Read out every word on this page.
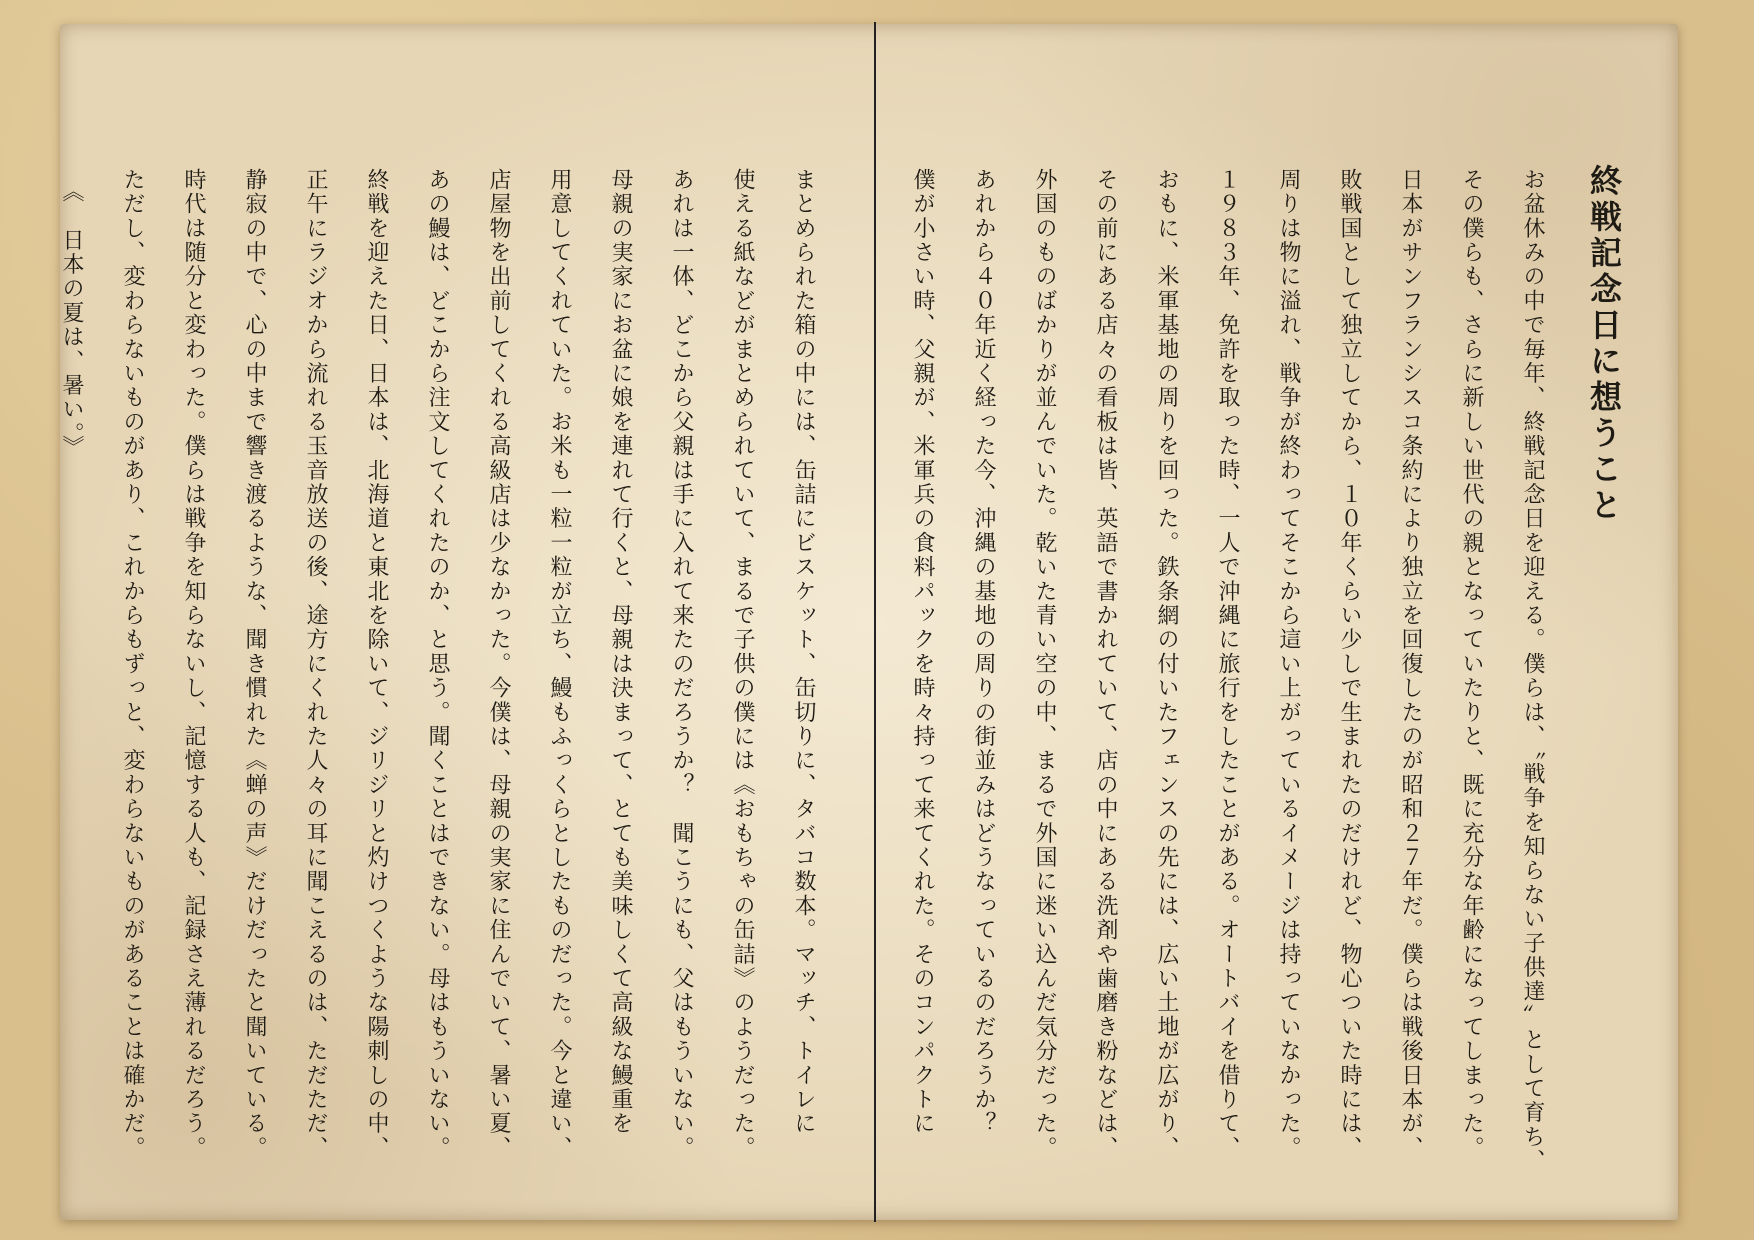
終戦記念日に想うこと
お盆休みの中で毎年、終戦記念日を迎える。僕らは、〝戦争を知らない子供達〟として育ち、
その僕らも、さらに新しい世代の親となっていたりと、既に充分な年齢になってしまった。
日本がサンフランシスコ条約により独立を回復したのが昭和２７年だ。僕らは戦後日本が、
敗戦国として独立してから、１０年くらい少しで生まれたのだけれど、物心ついた時には、
周りは物に溢れ、戦争が終わってそこから這い上がっているイメージは持っていなかった。
１９８３年、免許を取った時、一人で沖縄に旅行をしたことがある。オートバイを借りて、
おもに、米軍基地の周りを回った。鉄条網の付いたフェンスの先には、広い土地が広がり、
その前にある店々の看板は皆、英語で書かれていて、店の中にある洗剤や歯磨き粉などは、
外国のものばかりが並んでいた。乾いた青い空の中、まるで外国に迷い込んだ気分だった。
あれから４０年近く経った今、沖縄の基地の周りの街並みはどうなっているのだろうか？
僕が小さい時、父親が、米軍兵の食料パックを時々持って来てくれた。そのコンパクトに
まとめられた箱の中には、缶詰にビスケット、缶切りに、タバコ数本。マッチ、トイレに
使える紙などがまとめられていて、まるで子供の僕には《おもちゃの缶詰》のようだった。
あれは一体、どこから父親は手に入れて来たのだろうか？　聞こうにも、父はもういない。
母親の実家にお盆に娘を連れて行くと、母親は決まって、とても美味しくて高級な鰻重を
用意してくれていた。お米も一粒一粒が立ち、鰻もふっくらとしたものだった。今と違い、
店屋物を出前してくれる高級店は少なかった。今僕は、母親の実家に住んでいて、暑い夏、
あの鰻は、どこから注文してくれたのか、と思う。聞くことはできない。母はもういない。
終戦を迎えた日、日本は、北海道と東北を除いて、ジリジリと灼けつくような陽刺しの中、
正午にラジオから流れる玉音放送の後、途方にくれた人々の耳に聞こえるのは、ただただ、
静寂の中で、心の中まで響き渡るような、聞き慣れた《蝉の声》だけだったと聞いている。
時代は随分と変わった。僕らは戦争を知らないし、記憶する人も、記録さえ薄れるだろう。
ただし、変わらないものがあり、これからもずっと、変わらないものがあることは確かだ。
《　日本の夏は、暑い。》
